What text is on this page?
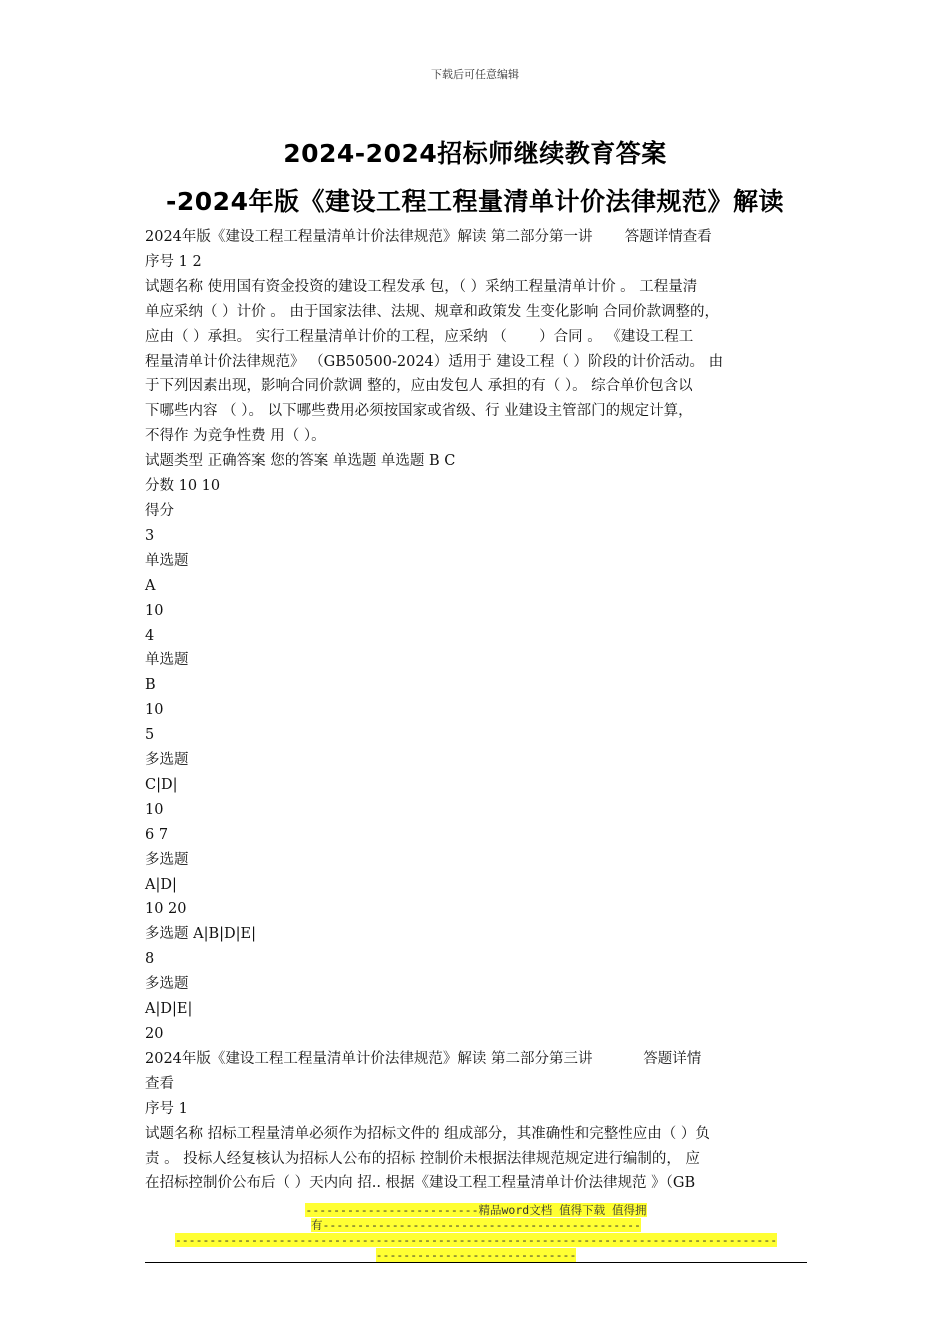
下载后可任意编辑
2024-2024招标师继续教育答案
-2024年版《建设工程工程量清单计价法律规范》解读

2024年版《建设工程工程量清单计价法律规范》解读 第二部分第一讲       答题详情查看

序号 1 2

试题名称 使用国有资金投资的建设工程发承 包，（ ）采纳工程量清单计价 。 工程量清

单应采纳（ ）计价 。 由于国家法律、法规、规章和政策发 生变化影响 合同价款调整的，

应由（ ）承担。 实行工程量清单计价的工程，应采纳 （       ）合同 。 《建设工程工

程量清单计价法律规范》 （GB50500-2024）适用于 建设工程（ ）阶段的计价活动。 由

于下列因素出现，影响合同价款调 整的，应由发包人 承担的有（ ）。 综合单价包含以

下哪些内容 （ ）。 以下哪些费用必须按国家或省级、行 业建设主管部门的规定计算，

不得作 为竞争性费 用（ ）。

试题类型 正确答案 您的答案 单选题 单选题 B C

分数 10 10

得分

3

单选题

A

10

4

单选题

B

10

5

多选题

C|D|

10

6 7

多选题

A|D|

10 20

多选题 A|B|D|E|

8

多选题

A|D|E|

20

2024年版《建设工程工程量清单计价法律规范》解读 第二部分第三讲           答题详情

查看

序号 1

试题名称 招标工程量清单必须作为招标文件的 组成部分，其准确性和完整性应由（ ）负

责 。 投标人经复核认为招标人公布的招标 控制价未根据法律规范规定进行编制的， 应

在招标控制价公布后（ ）天内向 招.. 根据《建设工程工程量清单计价法律规范 》（GB

-------------------------精品word文档 值得下载 值得拥
有----------------------------------------------
---------------------------------------------------------------------------------------
-----------------------------
